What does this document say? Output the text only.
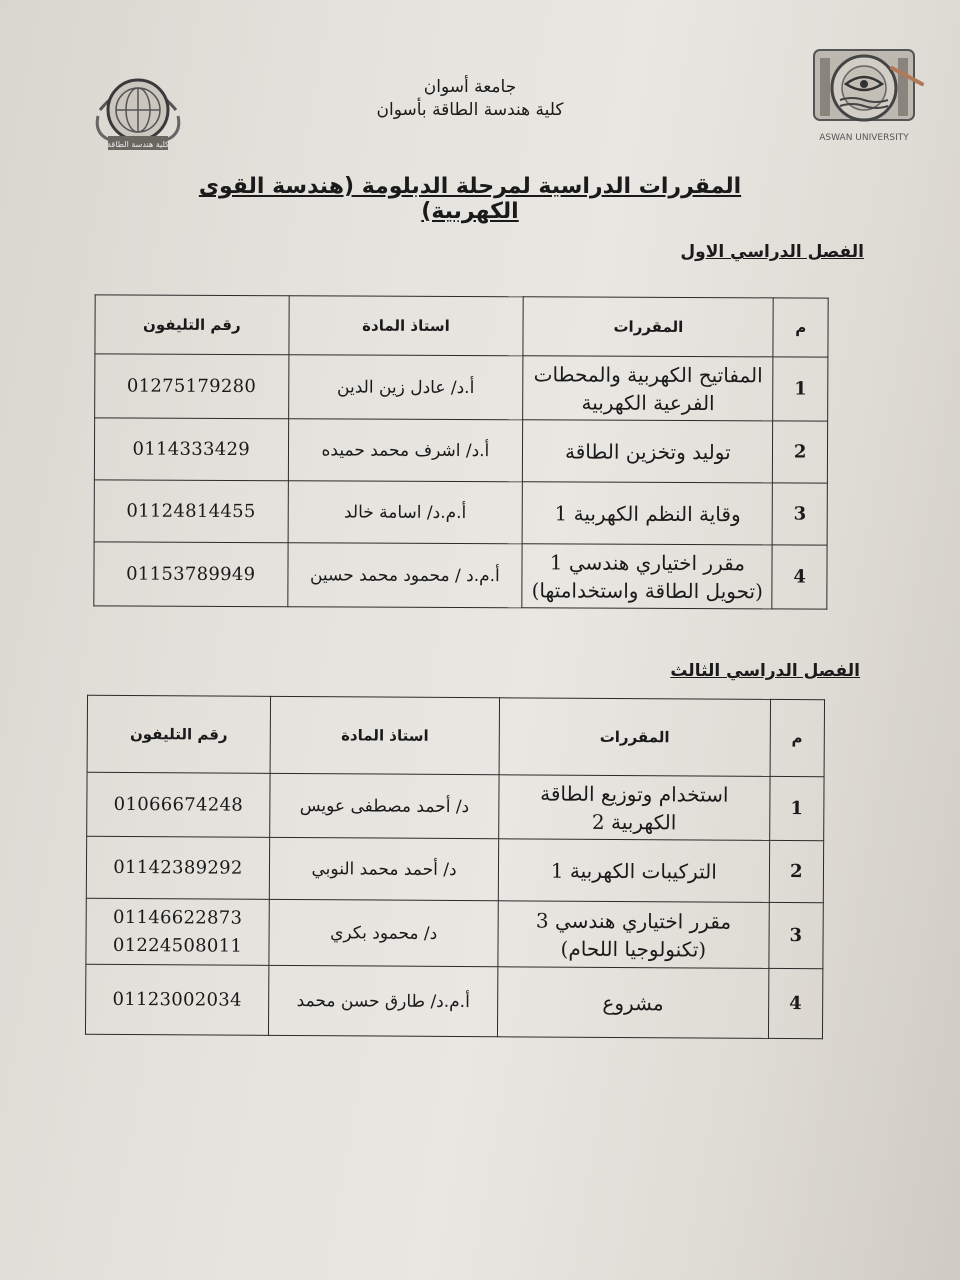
ASWAN UNIVERSITY
جامعة أسوان
كلية هندسة الطاقة بأسوان
كلية هندسة الطاقة
المقررات الدراسية لمرحلة الدبلومة (هندسة القوى الكهربية)
الفصل الدراسي الاول
م	المقررات	استاذ المادة	رقم التليفون
1	المفاتيح الكهربية والمحطات الفرعية الكهربية	أ.د/ عادل زين الدين	01275179280
2	توليد وتخزين الطاقة	أ.د/ اشرف محمد حميده	0114333429
3	وقاية النظم الكهربية 1	أ.م.د/ اسامة خالد	01124814455
4	مقرر اختياري هندسي 1 (تحويل الطاقة واستخدامتها)	أ.م.د / محمود محمد حسين	01153789949
الفصل الدراسي الثالث
م	المقررات	استاذ المادة	رقم التليفون
1	استخدام وتوزيع الطاقة الكهربية 2	د/ أحمد مصطفى عويس	01066674248
2	التركيبات الكهربية 1	د/ أحمد محمد النوبي	01142389292
3	مقرر اختياري هندسي 3 (تكنولوجيا اللحام)	د/ محمود بكري	01146622873 01224508011
4	مشروع	أ.م.د/ طارق حسن محمد	01123002034
